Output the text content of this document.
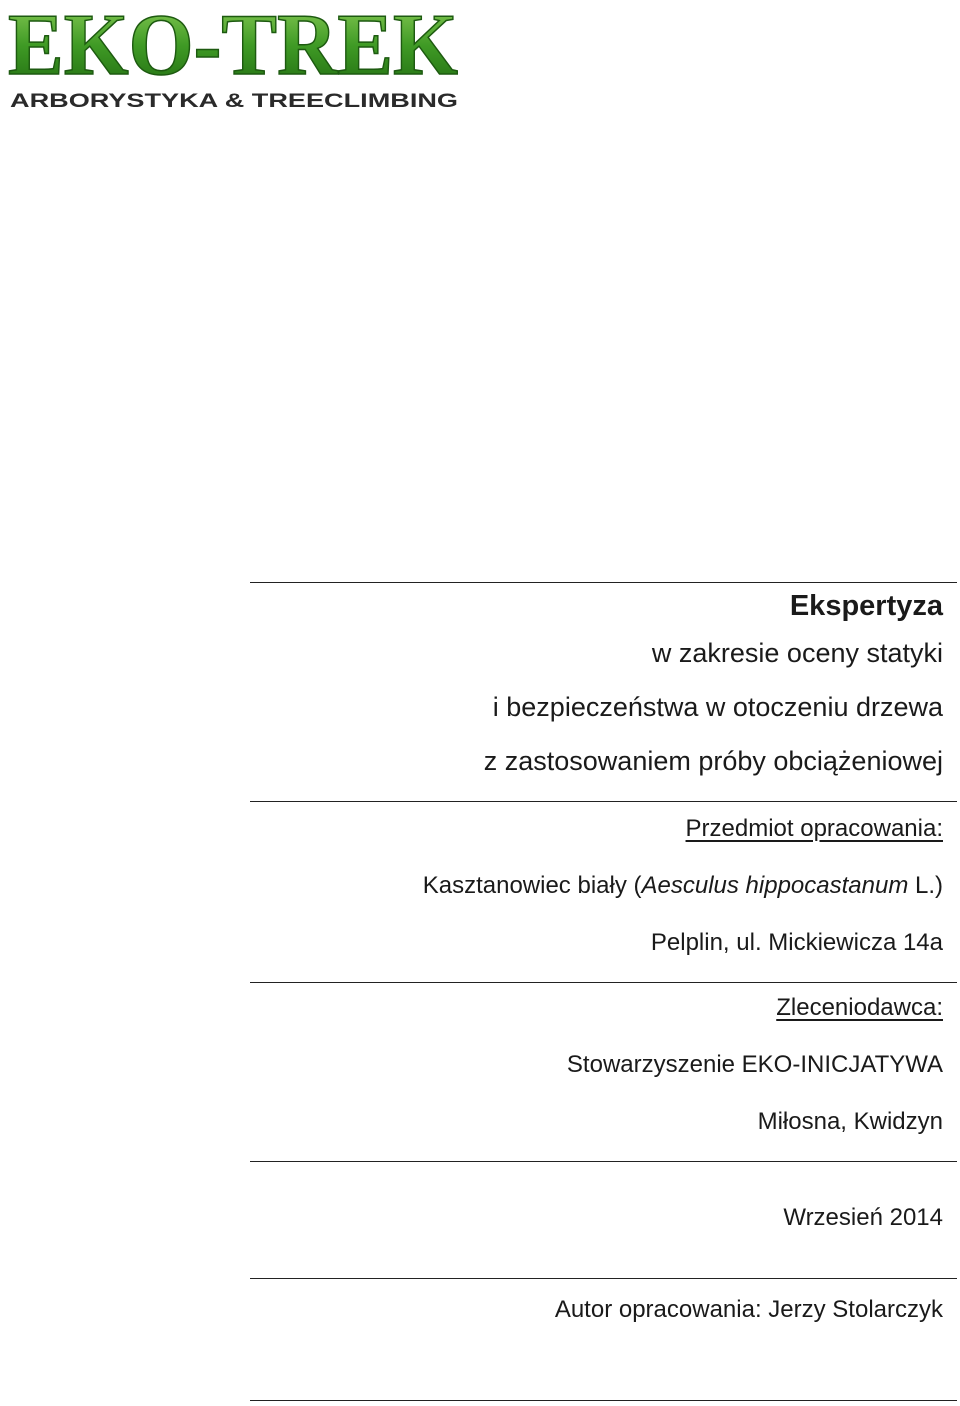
EKO-TREK
ARBORYSTYKA & TREECLIMBING

Ekspertyza

w zakresie oceny statyki

i bezpieczeństwa w otoczeniu drzewa

z zastosowaniem próby obciążeniowej

Przedmiot opracowania:

Kasztanowiec biały (Aesculus hippocastanum L.)

Pelplin, ul. Mickiewicza 14a

Zleceniodawca:

Stowarzyszenie EKO-INICJATYWA

Miłosna, Kwidzyn

Wrzesień 2014

Autor opracowania: Jerzy Stolarczyk
